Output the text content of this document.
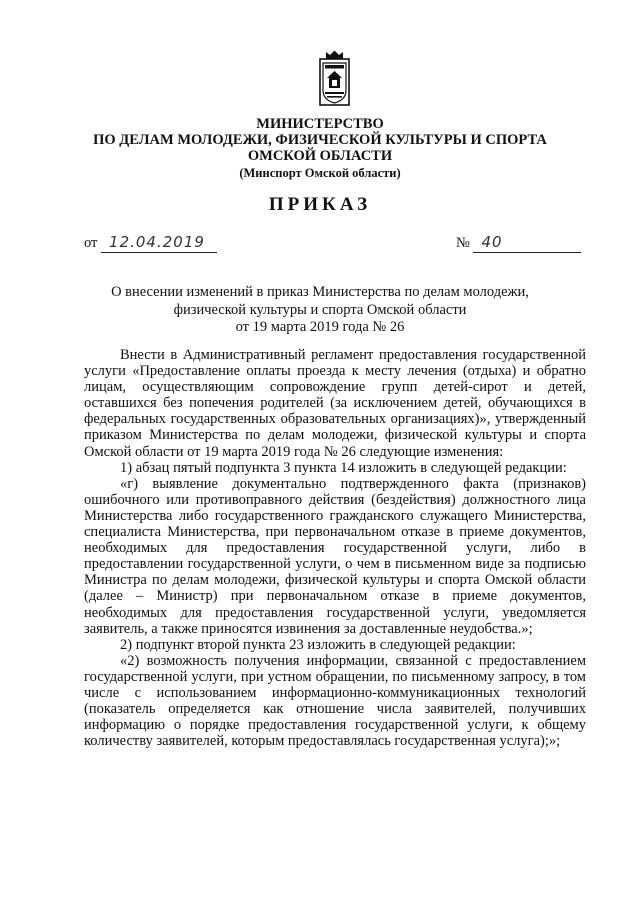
МИНИСТЕРСТВО
ПО ДЕЛАМ МОЛОДЕЖИ, ФИЗИЧЕСКОЙ КУЛЬТУРЫ И СПОРТА
ОМСКОЙ ОБЛАСТИ
(Минспорт Омской области)
ПРИКАЗ
от 12.04.2019	№ 40
О внесении изменений в приказ Министерства по делам молодежи,
физической культуры и спорта Омской области
от 19 марта 2019 года № 26

Внести в Административный регламент предоставления государственной услуги «Предоставление оплаты проезда к месту лечения (отдыха) и обратно лицам, осуществляющим сопровождение групп детей-сирот и детей, оставшихся без попечения родителей (за исключением детей, обучающихся в федеральных государственных образовательных организациях)», утвержденный приказом Министерства по делам молодежи, физической культуры и спорта Омской области от 19 марта 2019 года № 26 следующие изменения:

1) абзац пятый подпункта 3 пункта 14 изложить в следующей редакции:

«г) выявление документально подтвержденного факта (признаков) ошибочного или противоправного действия (бездействия) должностного лица Министерства либо государственного гражданского служащего Министерства, специалиста Министерства, при первоначальном отказе в приеме документов, необходимых для предоставления государственной услуги, либо в предоставлении государственной услуги, о чем в письменном виде за подписью Министра по делам молодежи, физической культуры и спорта Омской области (далее – Министр) при первоначальном отказе в приеме документов, необходимых для предоставления государственной услуги, уведомляется заявитель, а также приносятся извинения за доставленные неудобства.»;

2) подпункт второй пункта 23 изложить в следующей редакции:

«2) возможность получения информации, связанной с предоставлением государственной услуги, при устном обращении, по письменному запросу, в том числе с использованием информационно-коммуникационных технологий (показатель определяется как отношение числа заявителей, получивших информацию о порядке предоставления государственной услуги, к общему количеству заявителей, которым предоставлялась государственная услуга);»;
